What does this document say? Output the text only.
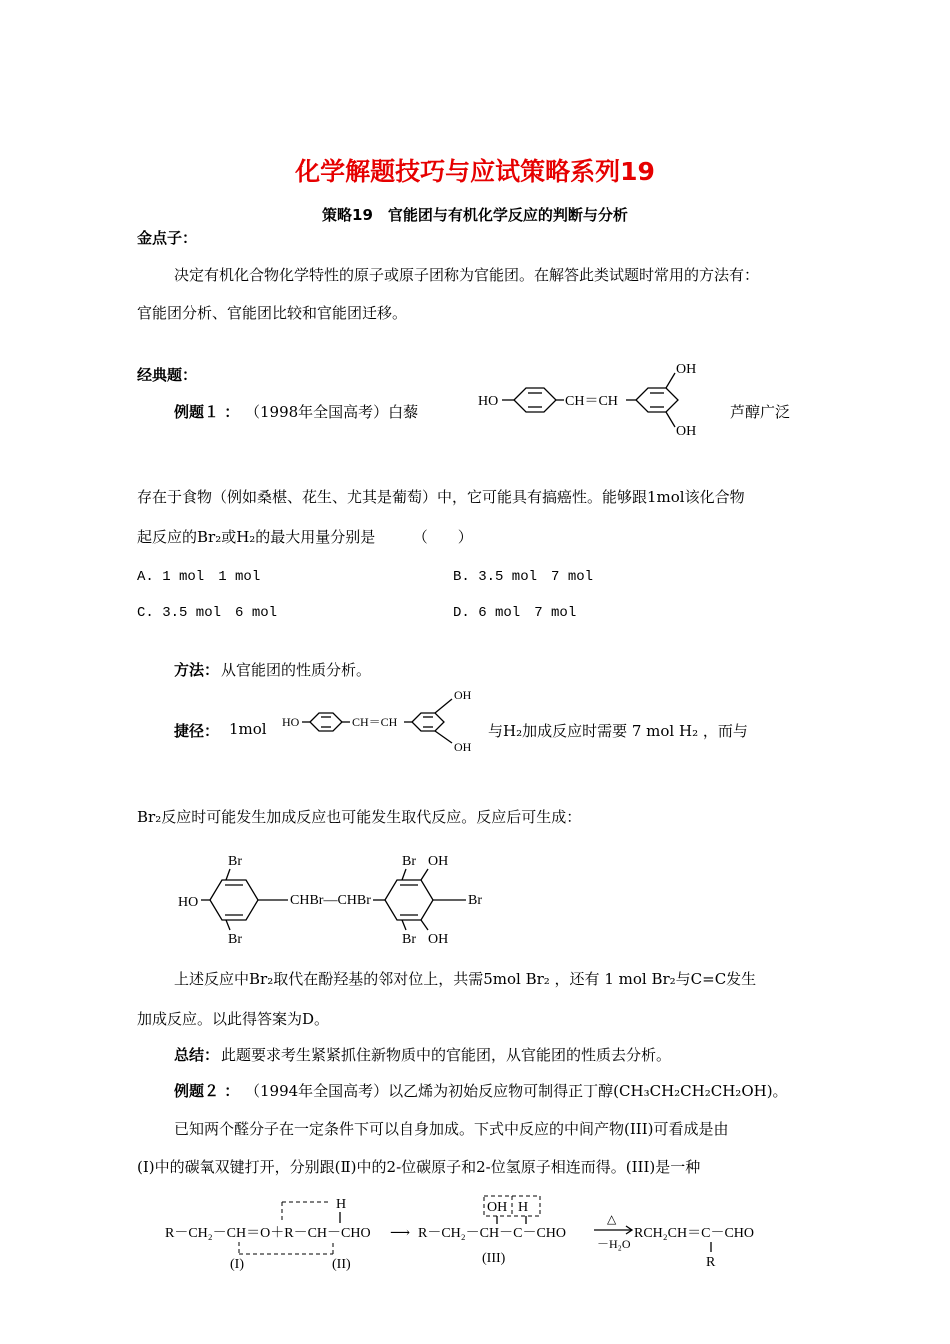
化学解题技巧与应试策略系列19
策略19　官能团与有机化学反应的判断与分析
金点子：
决定有机化合物化学特性的原子或原子团称为官能团。在解答此类试题时常用的方法有：
官能团分析、官能团比较和官能团迁移。
经典题：
例题１ ： （1998年全国高考）白藜
HO	CH＝CH
OH
OH
芦醇广泛
存在于食物（例如桑椹、花生、尤其是葡萄）中，它可能具有搞癌性。能够跟1mol该化合物
起反应的Br₂或H₂的最大用量分别是　　　（　　）
A. 1 mol　1 mol	B. 3.5 mol　7 mol
C. 3.5 mol　6 mol	D. 6 mol　7 mol
方法： 从官能团的性质分析。
捷径： 1mol HO	CH＝CH
OH
OH
与H₂加成反应时需要 7 mol H₂ ，而与
Br₂反应时可能发生加成反应也可能发生取代反应。反应后可生成：
Br
HO
Br
CHBr—CHBr
Br OH
Br
Br OH
上述反应中Br₂取代在酚羟基的邻对位上，共需5mol Br₂ ，还有 1 mol Br₂与C=C发生
加成反应。以此得答案为D。
总结： 此题要求考生紧紧抓住新物质中的官能团，从官能团的性质去分析。
例题２ ： （1994年全国高考）以乙烯为初始反应物可制得正丁醇(CH₃CH₂CH₂CH₂OH)。
已知两个醛分子在一定条件下可以自身加成。下式中反应的中间产物(III)可看成是由
(Ⅰ)中的碳氧双键打开，分别跟(Ⅱ)中的2-位碳原子和2-位氢原子相连而得。(III)是一种
R－CH₂－CH＝O＋R－CH－CHO
H
⟶ R－CH₂－CH－C－CHO
OH H
△
－H₂O
RCH₂CH＝C－CHO
R
(I)	(II)	(III)
